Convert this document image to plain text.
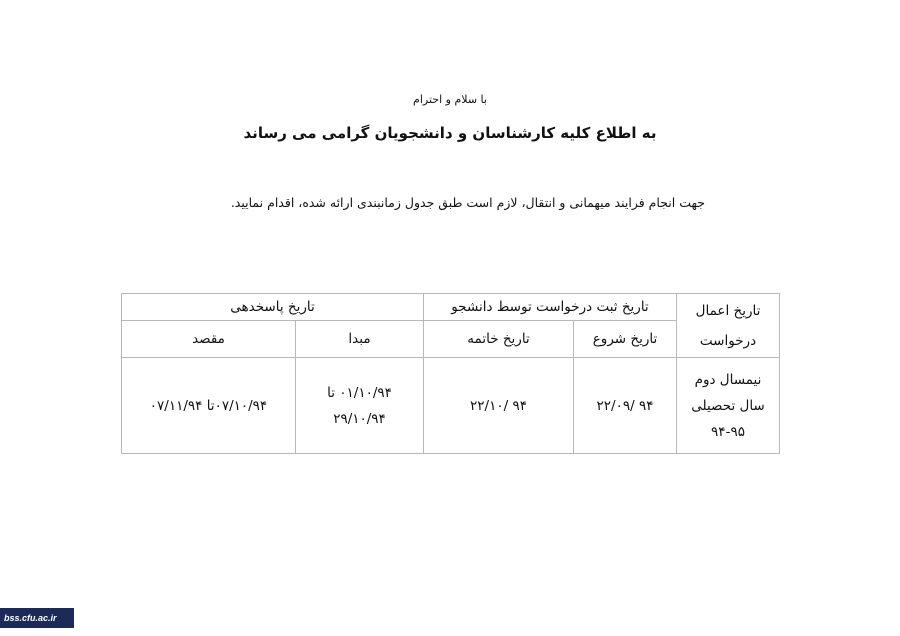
با سلام و احترام
به اطلاع کلیه کارشناسان و دانشجویان گرامی می رساند
جهت انجام فرایند میهمانی و انتقال، لازم است طبق جدول زمانبندی ارائه شده، اقدام نمایید.
تاریخ اعمال درخواست	تاریخ ثبت درخواست توسط دانشجو		تاریخ پاسخدهی	
	تاریخ شروع	تاریخ خاتمه	مبدا	مقصد
نیمسال دوم سال تحصیلی ۹۵-۹۴	۹۴ /۲۲/۰۹	۹۴ /۲۲/۱۰	۰۱/۱۰/۹۴ تا ۲۹/۱۰/۹۴	۰۷/۱۰/۹۴تا ۰۷/۱۱/۹۴
bss.cfu.ac.ir
